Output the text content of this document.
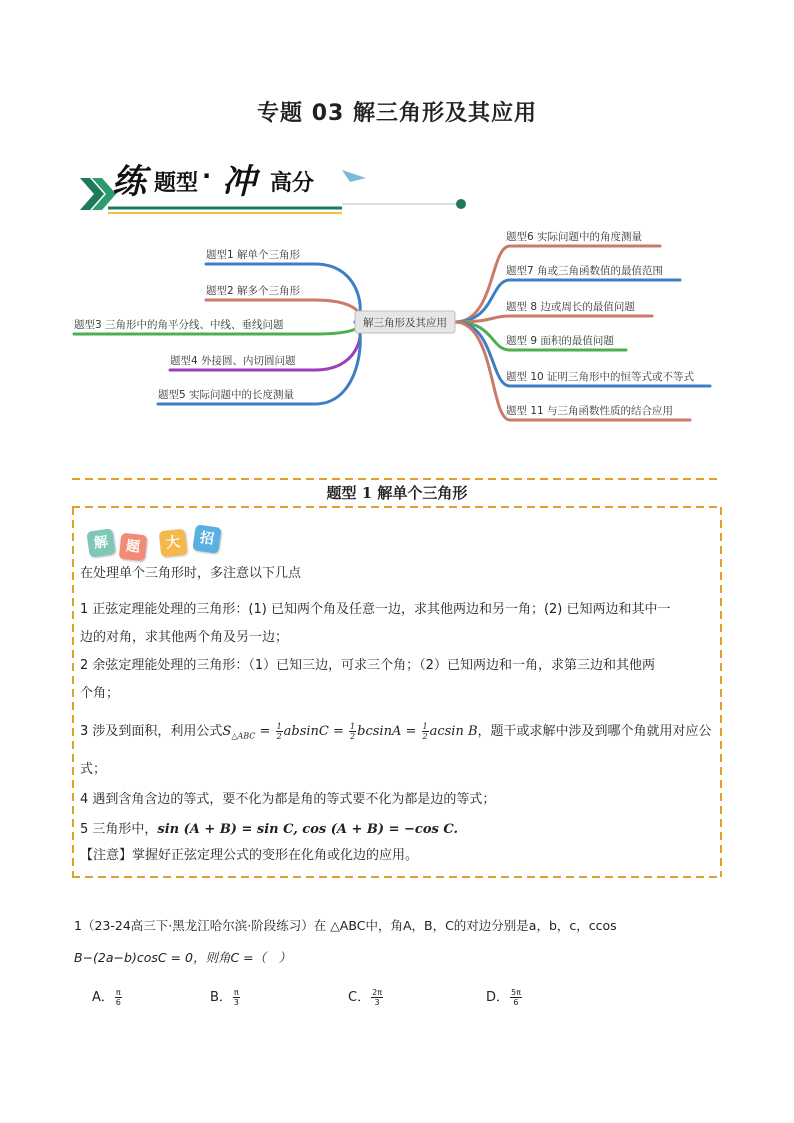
专题 03 解三角形及其应用
练 题型 · 冲 高分
题型1 解单个三角形
题型2 解多个三角形
题型3 三角形中的角平分线、中线、垂线问题
题型4 外接圆、内切圆问题
题型5 实际问题中的长度测量
题型6 实际问题中的角度测量
题型7 角或三角函数值的最值范围
题型 8 边或周长的最值问题
题型 9 面积的最值问题
题型 10 证明三角形中的恒等式或不等式
题型 11 与三角函数性质的结合应用
解三角形及其应用
题型 1 解单个三角形
解	题	大	招
在处理单个三角形时，多注意以下几点
1 正弦定理能处理的三角形：(1) 已知两个角及任意一边，求其他两边和另一角；(2) 已知两边和其中一
边的对角，求其他两个角及另一边；
2 余弦定理能处理的三角形：（1）已知三边，可求三个角；（2）已知两边和一角，求第三边和其他两
个角；
3 涉及到面积，利用公式$S_{\triangle ABC} = \frac{1}{2}$ $absinC = \frac{1}{2}$ $bcsinA = \frac{1}{2}$ acsin B，题干或求解中涉及到哪个角就用对应公
式；
4 遇到含角含边的等式，要不化为都是角的等式要不化为都是边的等式；
5 三角形中，sin (A + B) = sin C, cos (A + B) = −cos C.
【注意】掌握好正弦定理公式的变形在化角或化边的应用。
1（23-24高三下·黑龙江哈尔滨·阶段练习）在 △ABC中，角A，B，C的对边分别是a，b，c，ccos
B−(2a−b)cosC = 0，则角C =（　）
A． $\frac{\pi}{6}$	B． $\frac{\pi}{3}$	C． $\frac{2\pi}{3}$	D． $\frac{5\pi}{6}$
